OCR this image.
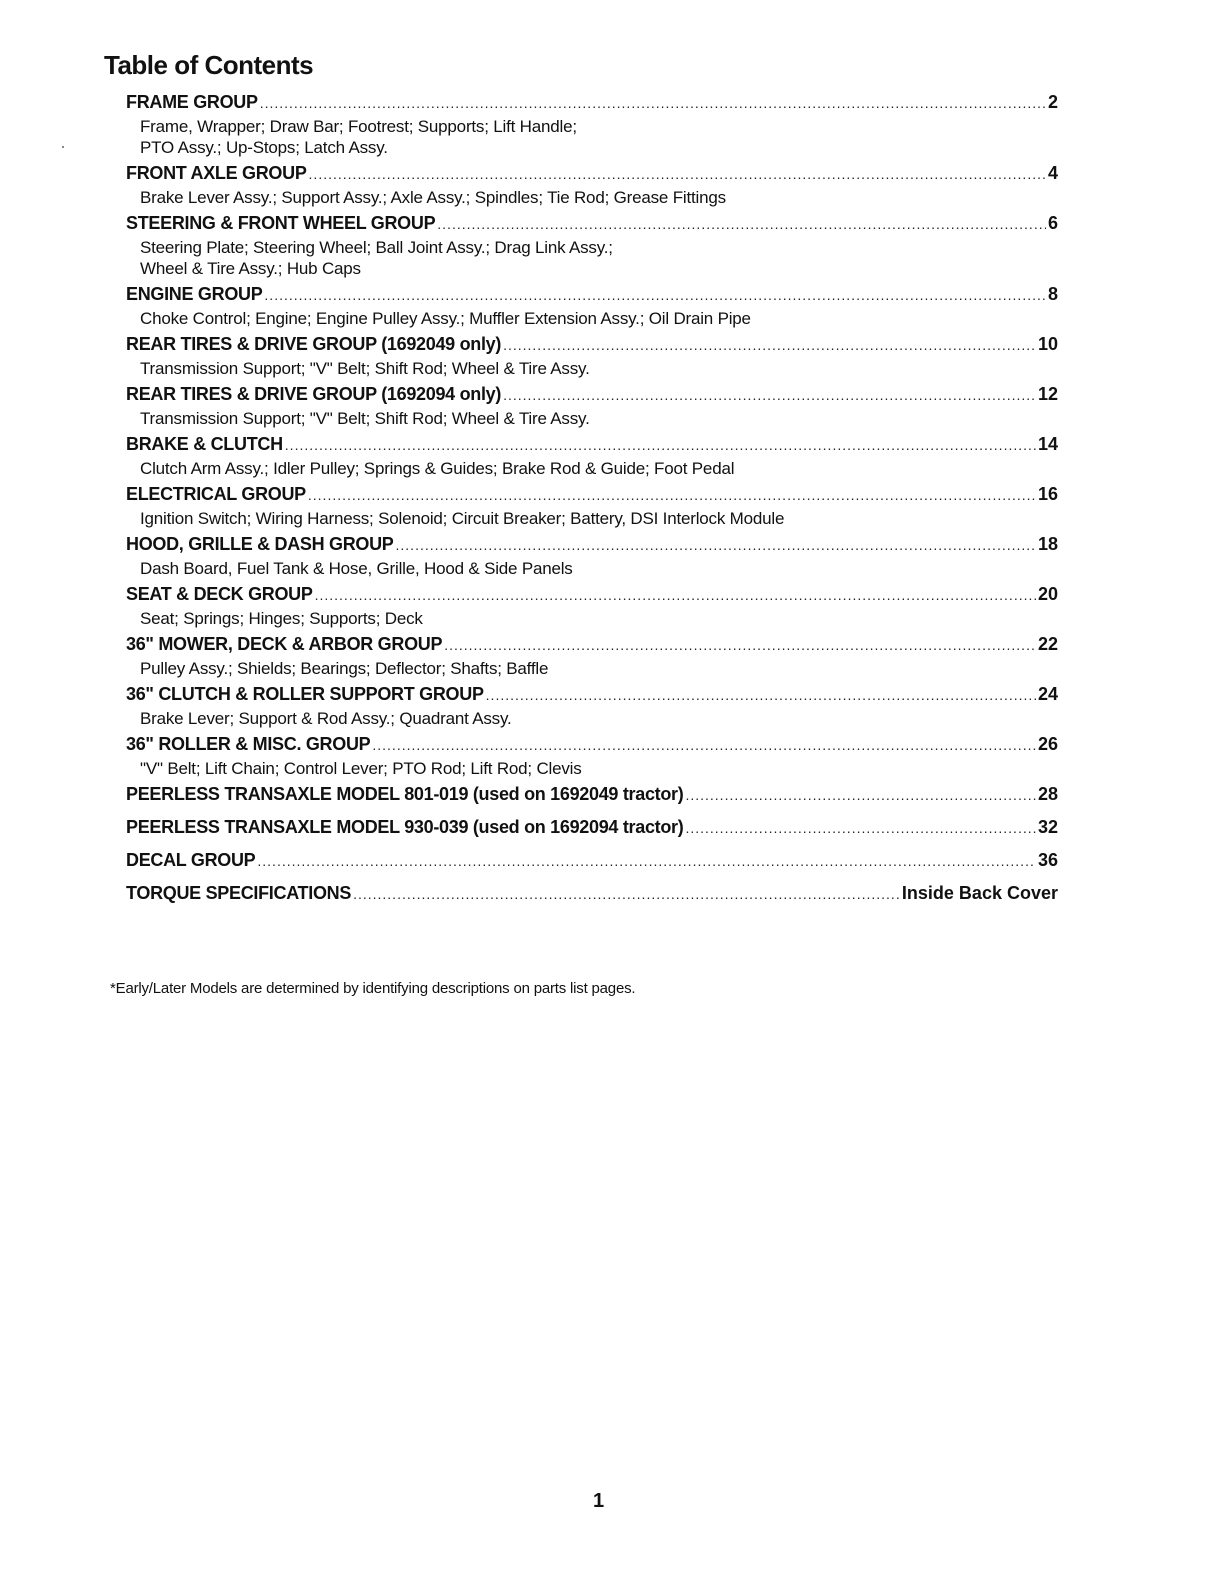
Table of Contents
FRAME GROUP .....	2
Frame, Wrapper; Draw Bar; Footrest; Supports; Lift Handle;
PTO Assy.; Up-Stops; Latch Assy.
FRONT AXLE GROUP .....	4
Brake Lever Assy.; Support Assy.; Axle Assy.; Spindles; Tie Rod; Grease Fittings
STEERING & FRONT WHEEL GROUP .....	6
Steering Plate; Steering Wheel; Ball Joint Assy.; Drag Link Assy.;
Wheel & Tire Assy.; Hub Caps
ENGINE GROUP .....	8
Choke Control; Engine; Engine Pulley Assy.; Muffler Extension Assy.; Oil Drain Pipe
REAR TIRES & DRIVE GROUP (1692049 only) .....	10
Transmission Support; "V" Belt; Shift Rod; Wheel & Tire Assy.
REAR TIRES & DRIVE GROUP (1692094 only) .....	12
Transmission Support; "V" Belt; Shift Rod; Wheel & Tire Assy.
BRAKE & CLUTCH .....	14
Clutch Arm Assy.; Idler Pulley; Springs & Guides; Brake Rod & Guide; Foot Pedal
ELECTRICAL GROUP .....	16
Ignition Switch; Wiring Harness; Solenoid; Circuit Breaker; Battery, DSI Interlock Module
HOOD, GRILLE & DASH GROUP .....	18
Dash Board, Fuel Tank & Hose, Grille, Hood & Side Panels
SEAT & DECK GROUP .....	20
Seat; Springs; Hinges; Supports; Deck
36" MOWER, DECK & ARBOR GROUP .....	22
Pulley Assy.; Shields; Bearings; Deflector; Shafts; Baffle
36" CLUTCH & ROLLER SUPPORT GROUP .....	24
Brake Lever; Support & Rod Assy.; Quadrant Assy.
36" ROLLER & MISC. GROUP .....	26
"V" Belt; Lift Chain; Control Lever; PTO Rod; Lift Rod; Clevis
PEERLESS TRANSAXLE MODEL 801-019 (used on 1692049 tractor) .....	28
PEERLESS TRANSAXLE MODEL 930-039 (used on 1692094 tractor) .....	32
DECAL GROUP .....	36
TORQUE SPECIFICATIONS .....	Inside Back Cover
*Early/Later Models are determined by identifying descriptions on parts list pages.
1
